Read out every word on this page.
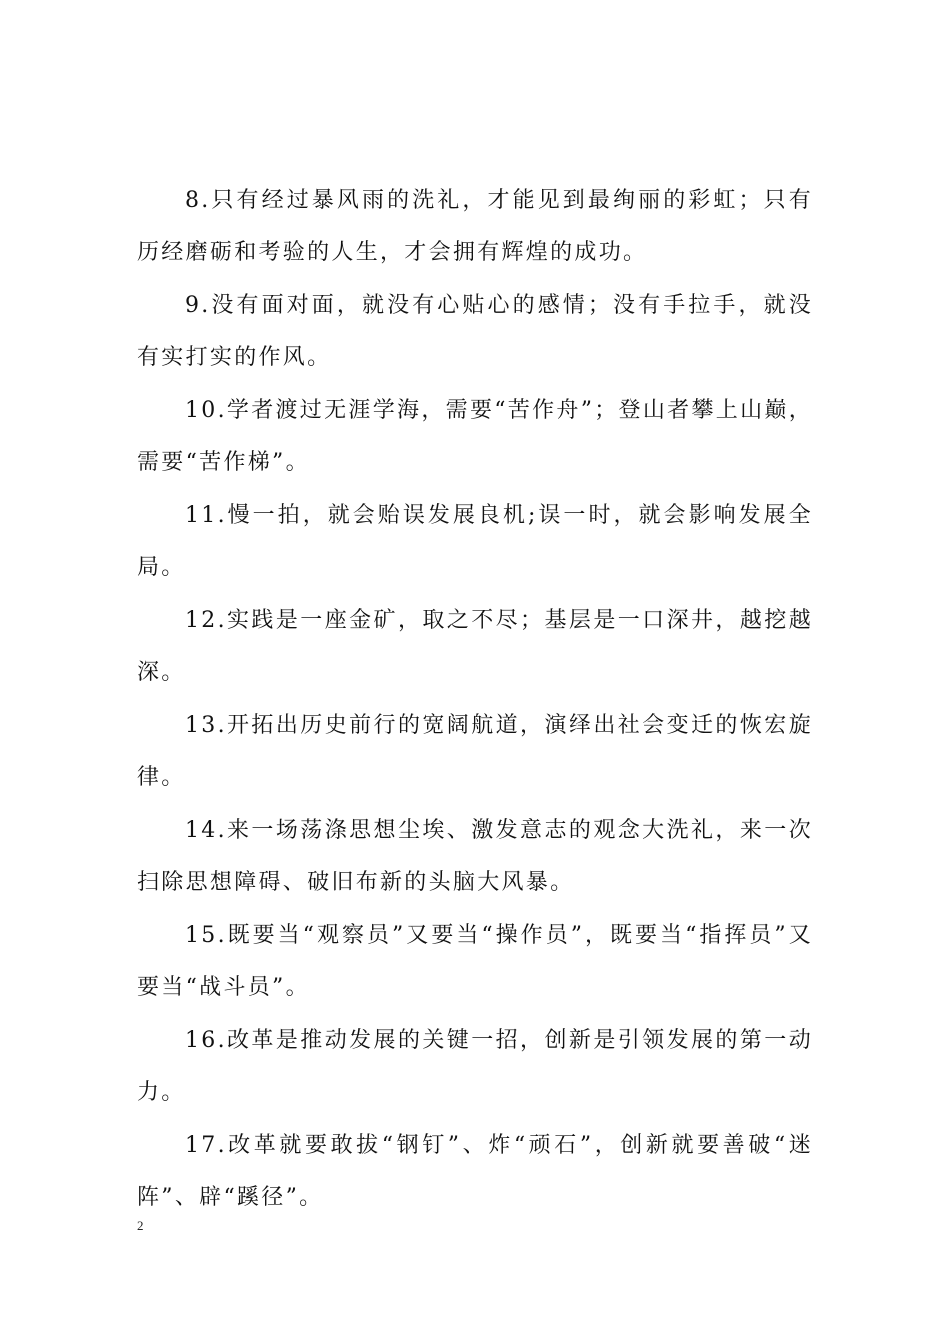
8.只有经过暴风雨的洗礼，才能见到最绚丽的彩虹；只有历经磨砺和考验的人生，才会拥有辉煌的成功。

9.没有面对面，就没有心贴心的感情；没有手拉手，就没有实打实的作风。

10.学者渡过无涯学海，需要“苦作舟”；登山者攀上山巅，需要“苦作梯”。

11.慢一拍，就会贻误发展良机;误一时，就会影响发展全局。

12.实践是一座金矿，取之不尽；基层是一口深井，越挖越深。

13.开拓出历史前行的宽阔航道，演绎出社会变迁的恢宏旋律。

14.来一场荡涤思想尘埃、激发意志的观念大洗礼，来一次扫除思想障碍、破旧布新的头脑大风暴。

15.既要当“观察员”又要当“操作员”，既要当“指挥员”又要当“战斗员”。

16.改革是推动发展的关键一招，创新是引领发展的第一动力。

17.改革就要敢拔“钢钉”、炸“顽石”，创新就要善破“迷阵”、辟“蹊径”。

2
